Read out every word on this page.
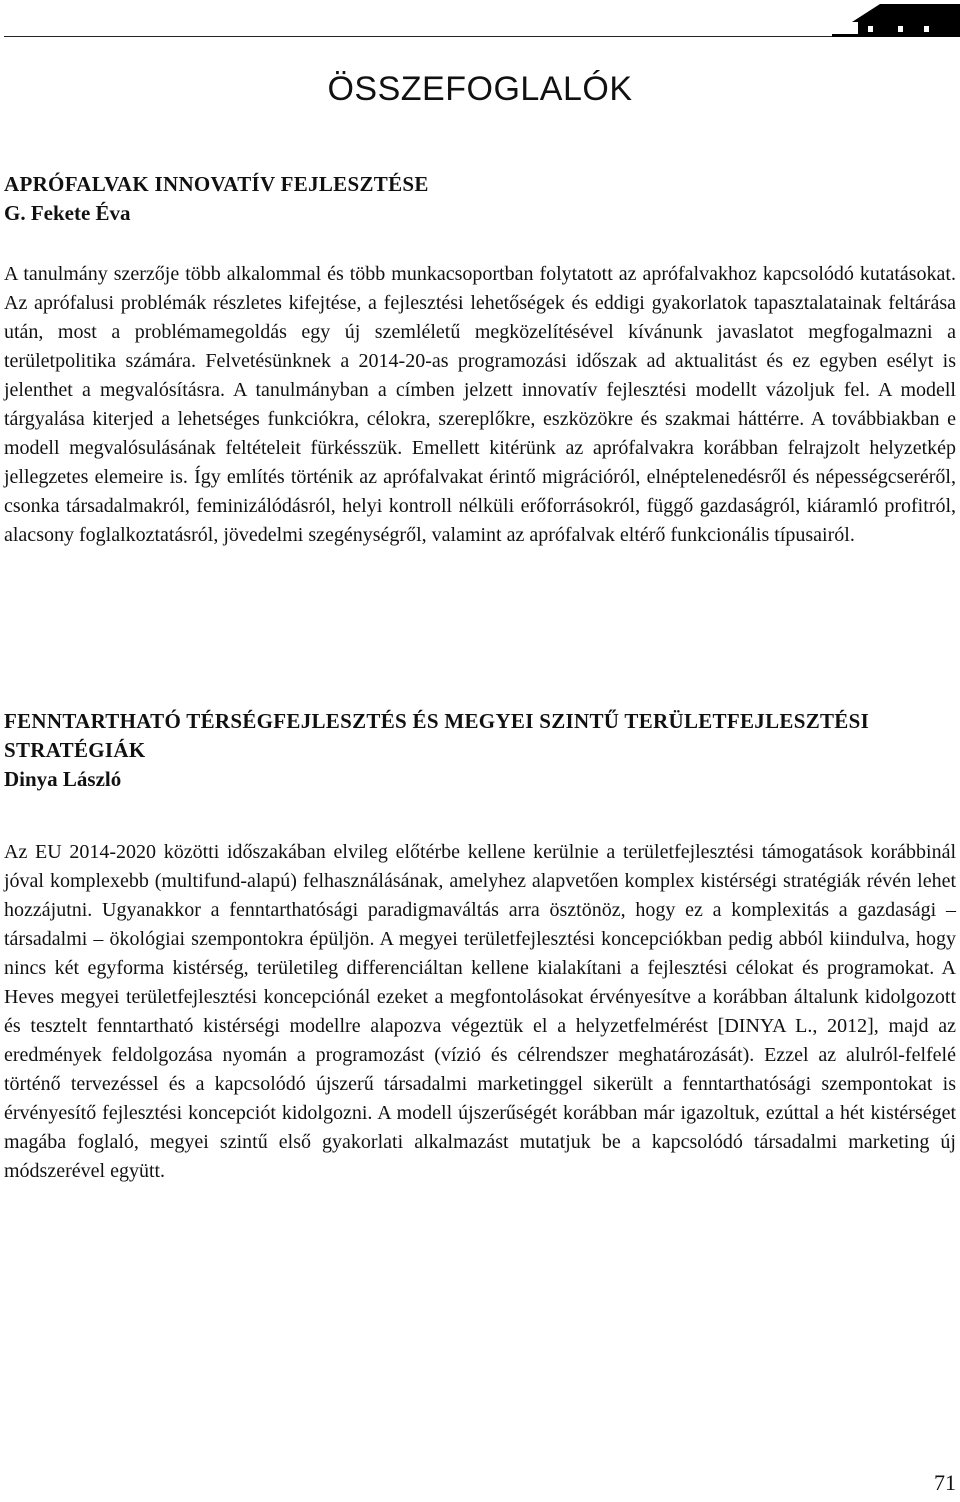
ÖSSZEFOGLALÓK
APRÓFALVAK INNOVATÍV FEJLESZTÉSE

G. Fekete Éva

A tanulmány szerzője több alkalommal és több munkacsoportban folytatott az aprófalvakhoz kapcsolódó kutatásokat. Az aprófalusi problémák részletes kifejtése, a fejlesztési lehetőségek és eddigi gyakorlatok tapasztalatainak feltárása után, most a problémamegoldás egy új szemléletű megközelítésével kívánunk javaslatot megfogalmazni a területpolitika számára. Felvetésünknek a 2014-20-as programozási időszak ad aktualitást és ez egyben esélyt is jelenthet a megvalósításra. A tanulmányban a címben jelzett innovatív fejlesztési modellt vázoljuk fel. A modell tárgyalása kiterjed a lehetséges funkciókra, célokra, szereplőkre, eszközökre és szakmai háttérre. A továbbiakban e modell megvalósulásának feltételeit fürkésszük. Emellett kitérünk az aprófalvakra korábban felrajzolt helyzetkép jellegzetes elemeire is. Így említés történik az aprófalvakat érintő migrációról, elnéptelenedésről és népességcseréről, csonka társadalmakról, feminizálódásról, helyi kontroll nélküli erőforrásokról, függő gazdaságról, kiáramló profitról, alacsony foglalkoztatásról, jövedelmi szegénységről, valamint az aprófalvak eltérő funkcionális típusairól.

FENNTARTHATÓ TÉRSÉGFEJLESZTÉS ÉS MEGYEI SZINTŰ TERÜLETFEJLESZTÉSI STRATÉGIÁK

Dinya László

Az EU 2014-2020 közötti időszakában elvileg előtérbe kellene kerülnie a területfejlesztési támogatások korábbinál jóval komplexebb (multifund-alapú) felhasználásának, amelyhez alapvetően komplex kistérségi stratégiák révén lehet hozzájutni. Ugyanakkor a fenntarthatósági paradigmaváltás arra ösztönöz, hogy ez a komplexitás a gazdasági – társadalmi – ökológiai szempontokra épüljön. A megyei területfejlesztési koncepciókban pedig abból kiindulva, hogy nincs két egyforma kistérség, területileg differenciáltan kellene kialakítani a fejlesztési célokat és programokat. A Heves megyei területfejlesztési koncepciónál ezeket a megfontolásokat érvényesítve a korábban általunk kidolgozott és tesztelt fenntartható kistérségi modellre alapozva végeztük el a helyzetfelmérést [DINYA L., 2012], majd az eredmények feldolgozása nyomán a programozást (vízió és célrendszer meghatározását). Ezzel az alulról-felfelé történő tervezéssel és a kapcsolódó újszerű társadalmi marketinggel sikerült a fenntarthatósági szempontokat is érvényesítő fejlesztési koncepciót kidolgozni. A modell újszerűségét korábban már igazoltuk, ezúttal a hét kistérséget magába foglaló, megyei szintű első gyakorlati alkalmazást mutatjuk be a kapcsolódó társadalmi marketing új módszerével együtt.

71
